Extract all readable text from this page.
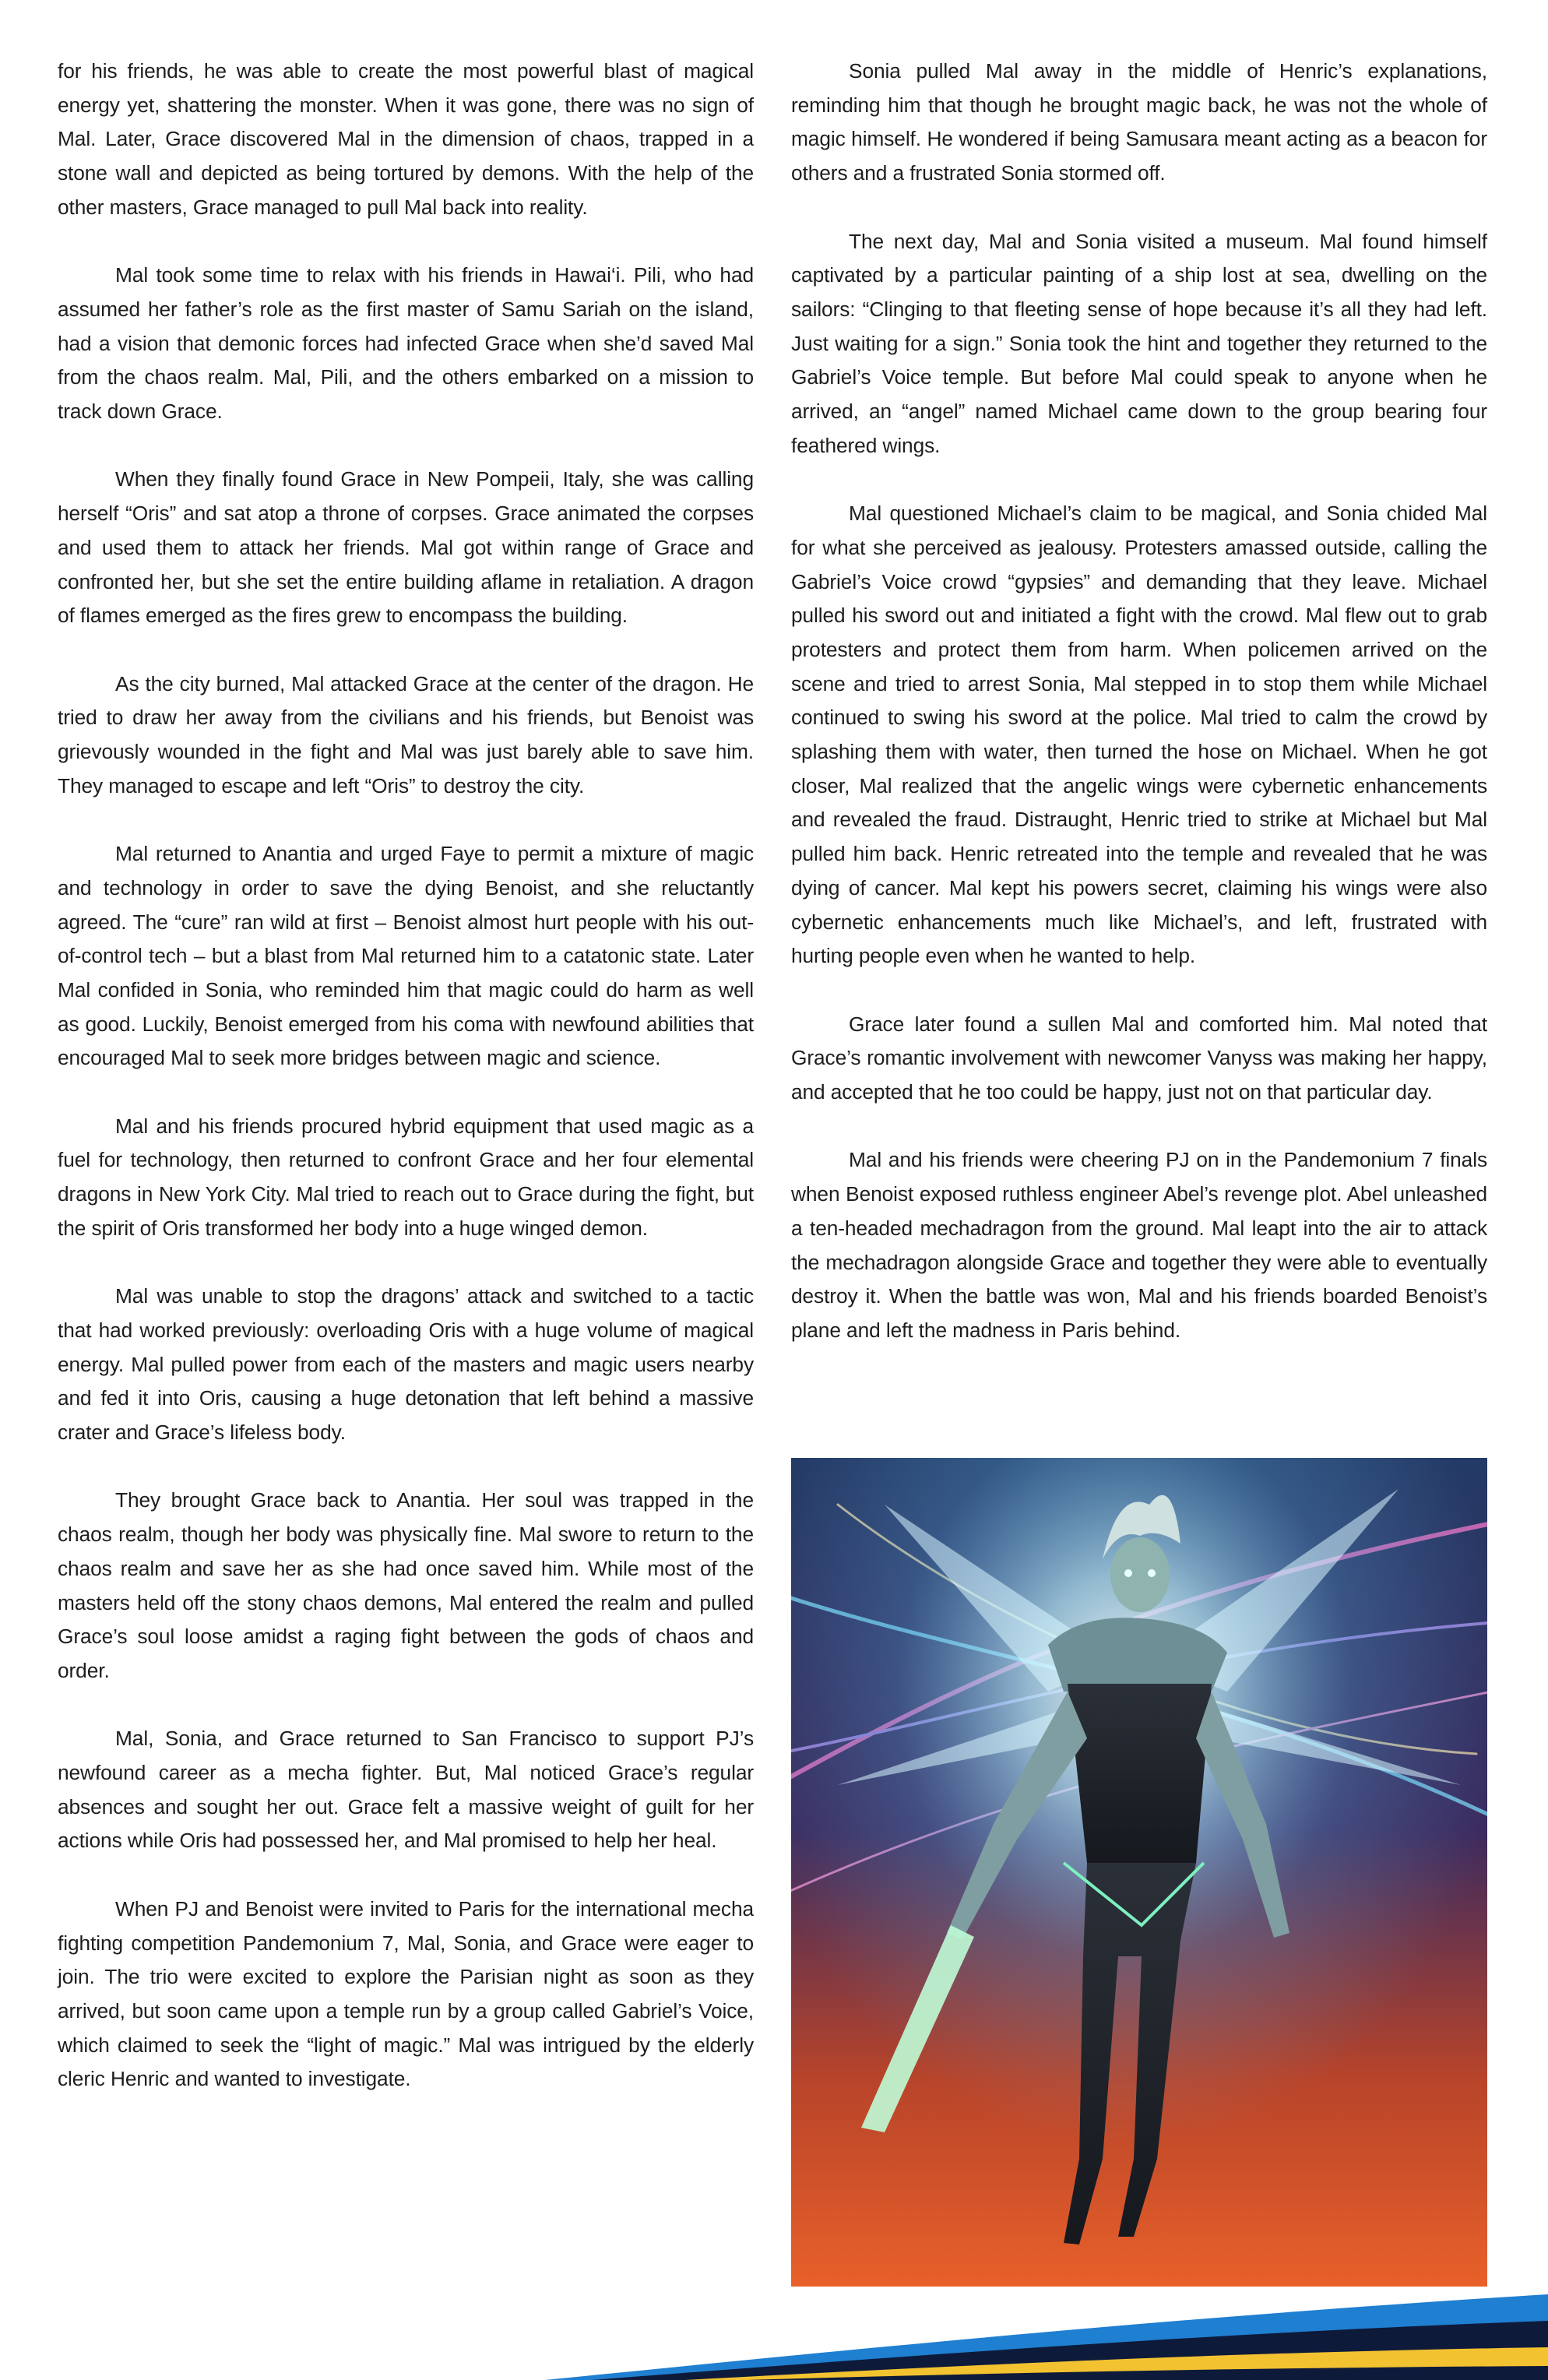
for his friends, he was able to create the most powerful blast of magical energy yet, shattering the monster. When it was gone, there was no sign of Mal. Later, Grace discovered Mal in the dimension of chaos, trapped in a stone wall and depicted as being tortured by demons. With the help of the other masters, Grace managed to pull Mal back into reality.

Mal took some time to relax with his friends in Hawai‘i. Pili, who had assumed her father’s role as the first master of Samu Sariah on the island, had a vision that demonic forces had infected Grace when she’d saved Mal from the chaos realm. Mal, Pili, and the others embarked on a mission to track down Grace.

When they finally found Grace in New Pompeii, Italy, she was calling herself “Oris” and sat atop a throne of corpses. Grace animated the corpses and used them to attack her friends. Mal got within range of Grace and confronted her, but she set the entire building aflame in retaliation. A dragon of flames emerged as the fires grew to encompass the building.

As the city burned, Mal attacked Grace at the center of the dragon. He tried to draw her away from the civilians and his friends, but Benoist was grievously wounded in the fight and Mal was just barely able to save him. They managed to escape and left “Oris” to destroy the city.

Mal returned to Anantia and urged Faye to permit a mixture of magic and technology in order to save the dying Benoist, and she reluctantly agreed. The “cure” ran wild at first – Benoist almost hurt people with his out-of-control tech – but a blast from Mal returned him to a catatonic state. Later Mal confided in Sonia, who reminded him that magic could do harm as well as good. Luckily, Benoist emerged from his coma with newfound abilities that encouraged Mal to seek more bridges between magic and science.

Mal and his friends procured hybrid equipment that used magic as a fuel for technology, then returned to confront Grace and her four elemental dragons in New York City. Mal tried to reach out to Grace during the fight, but the spirit of Oris transformed her body into a huge winged demon.

Mal was unable to stop the dragons’ attack and switched to a tactic that had worked previously: overloading Oris with a huge volume of magical energy. Mal pulled power from each of the masters and magic users nearby and fed it into Oris, causing a huge detonation that left behind a massive crater and Grace’s lifeless body.

They brought Grace back to Anantia. Her soul was trapped in the chaos realm, though her body was physically fine. Mal swore to return to the chaos realm and save her as she had once saved him. While most of the masters held off the stony chaos demons, Mal entered the realm and pulled Grace’s soul loose amidst a raging fight between the gods of chaos and order.

Mal, Sonia, and Grace returned to San Francisco to support PJ’s newfound career as a mecha fighter. But, Mal noticed Grace’s regular absences and sought her out. Grace felt a massive weight of guilt for her actions while Oris had possessed her, and Mal promised to help her heal.

When PJ and Benoist were invited to Paris for the international mecha fighting competition Pandemonium 7, Mal, Sonia, and Grace were eager to join. The trio were excited to explore the Parisian night as soon as they arrived, but soon came upon a temple run by a group called Gabriel’s Voice, which claimed to seek the “light of magic.” Mal was intrigued by the elderly cleric Henric and wanted to investigate.

Sonia pulled Mal away in the middle of Henric’s explanations, reminding him that though he brought magic back, he was not the whole of magic himself. He wondered if being Samusara meant acting as a beacon for others and a frustrated Sonia stormed off.

The next day, Mal and Sonia visited a museum. Mal found himself captivated by a particular painting of a ship lost at sea, dwelling on the sailors: “Clinging to that fleeting sense of hope because it’s all they had left. Just waiting for a sign.” Sonia took the hint and together they returned to the Gabriel’s Voice temple. But before Mal could speak to anyone when he arrived, an “angel” named Michael came down to the group bearing four feathered wings.

Mal questioned Michael’s claim to be magical, and Sonia chided Mal for what she perceived as jealousy. Protesters amassed outside, calling the Gabriel’s Voice crowd “gypsies” and demanding that they leave. Michael pulled his sword out and initiated a fight with the crowd. Mal flew out to grab protesters and protect them from harm. When policemen arrived on the scene and tried to arrest Sonia, Mal stepped in to stop them while Michael continued to swing his sword at the police. Mal tried to calm the crowd by splashing them with water, then turned the hose on Michael. When he got closer, Mal realized that the angelic wings were cybernetic enhancements and revealed the fraud. Distraught, Henric tried to strike at Michael but Mal pulled him back. Henric retreated into the temple and revealed that he was dying of cancer. Mal kept his powers secret, claiming his wings were also cybernetic enhancements much like Michael’s, and left, frustrated with hurting people even when he wanted to help.

Grace later found a sullen Mal and comforted him. Mal noted that Grace’s romantic involvement with newcomer Vanyss was making her happy, and accepted that he too could be happy, just not on that particular day.

Mal and his friends were cheering PJ on in the Pandemonium 7 finals when Benoist exposed ruthless engineer Abel’s revenge plot. Abel unleashed a ten-headed mechadragon from the ground. Mal leapt into the air to attack the mechadragon alongside Grace and together they were able to eventually destroy it. When the battle was won, Mal and his friends boarded Benoist’s plane and left the madness in Paris behind.
